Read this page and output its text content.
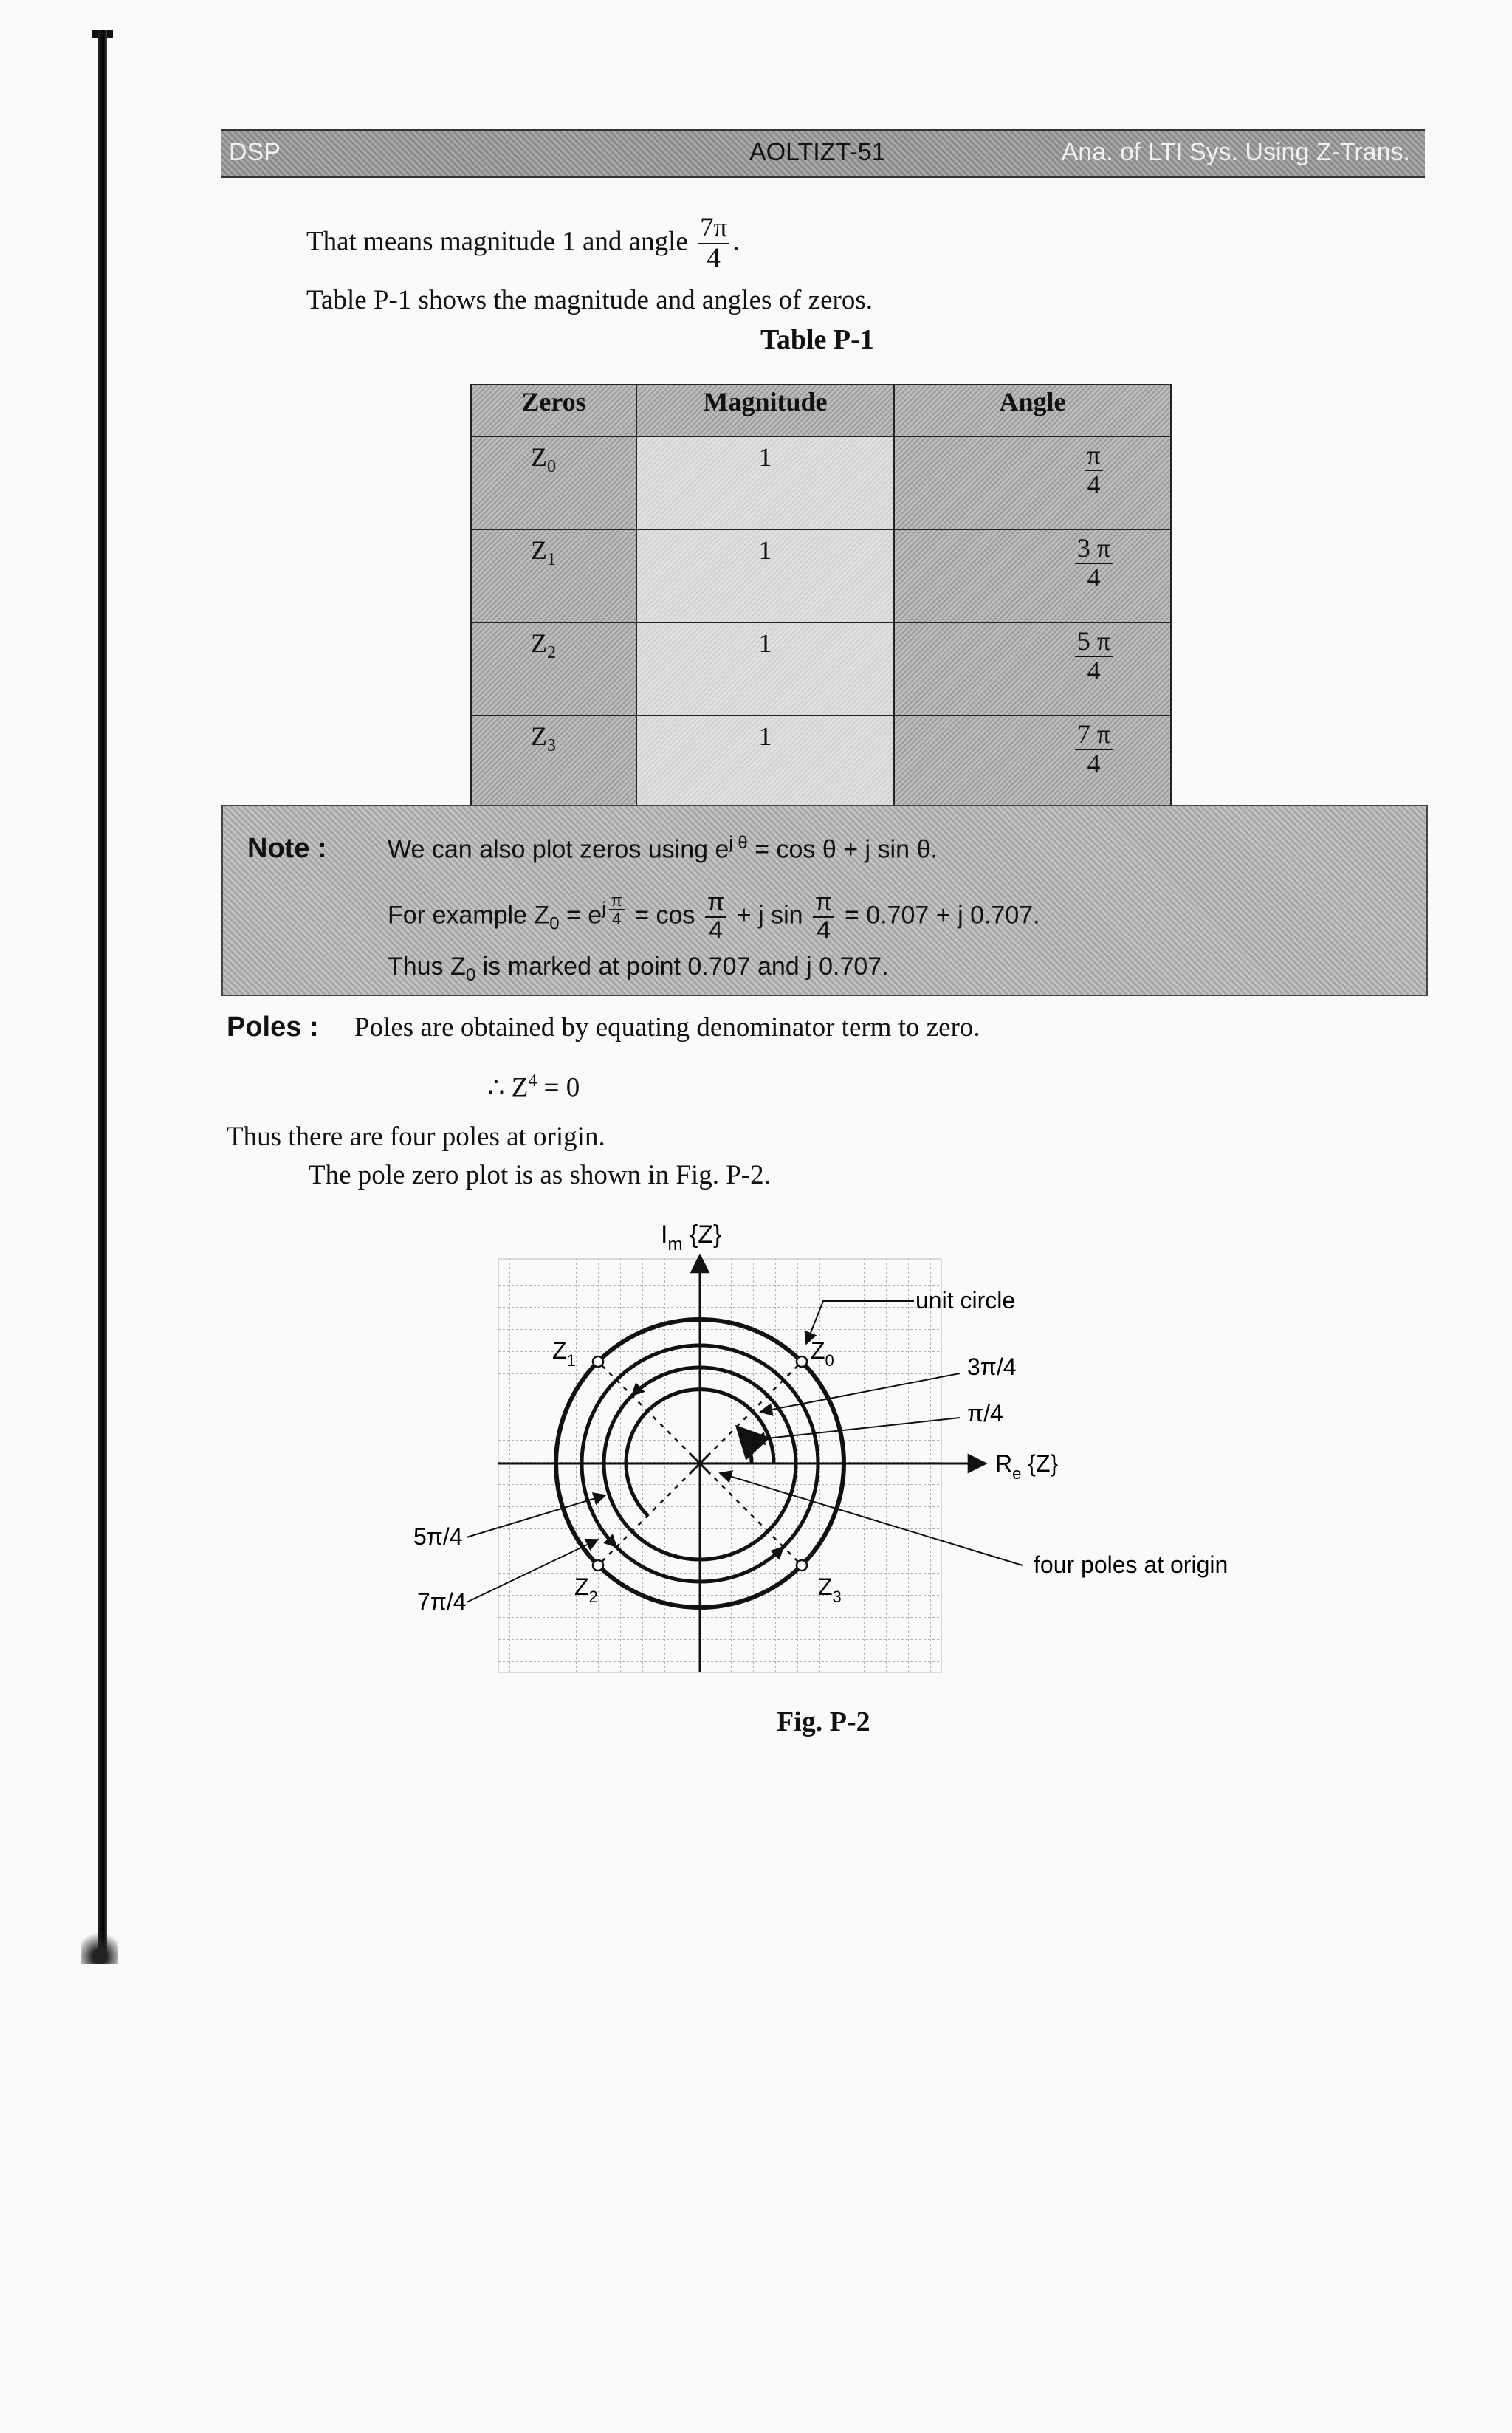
DSP	AOLTIZT-51	Ana. of LTI Sys. Using Z-Trans.
That means magnitude 1 and angle $\frac{7\pi}{4}$ .
Table P-1 shows the magnitude and angles of zeros.
Table P-1
Zeros	Magnitude	Angle
$Z_0$	1	$\frac{\pi}{4}$

$Z_1$	1	$\frac{3 \pi}{4}$

$Z_2$	1	$\frac{5 \pi}{4}$

$Z_3$	1	$\frac{7 \pi}{4}$
Note : We can also plot zeros using $e^{j \theta} = \cos \theta + j$ sin θ.
For example $Z_0 = e^{j \frac{\pi}{4}} = \cos \frac{\pi}{4} + j$ $\sin \frac{\pi}{4} = 0.707 + j$ 0.707.
Thus $Z_0$ is marked at point 0.707 and j 0.707.
Poles : Poles are obtained by equating denominator term to zero.
∴ $Z^4 = 0$
Thus there are four poles at origin.
The pole zero plot is as shown in Fig. P-2.
$I_m$ {Z}
$R_e$ {Z}
unit circle
3π/4
π/4
5π/4
7π/4
four poles at origin
$Z_0$
$Z_1$
$Z_2$	$Z_3$
Fig. P-2
